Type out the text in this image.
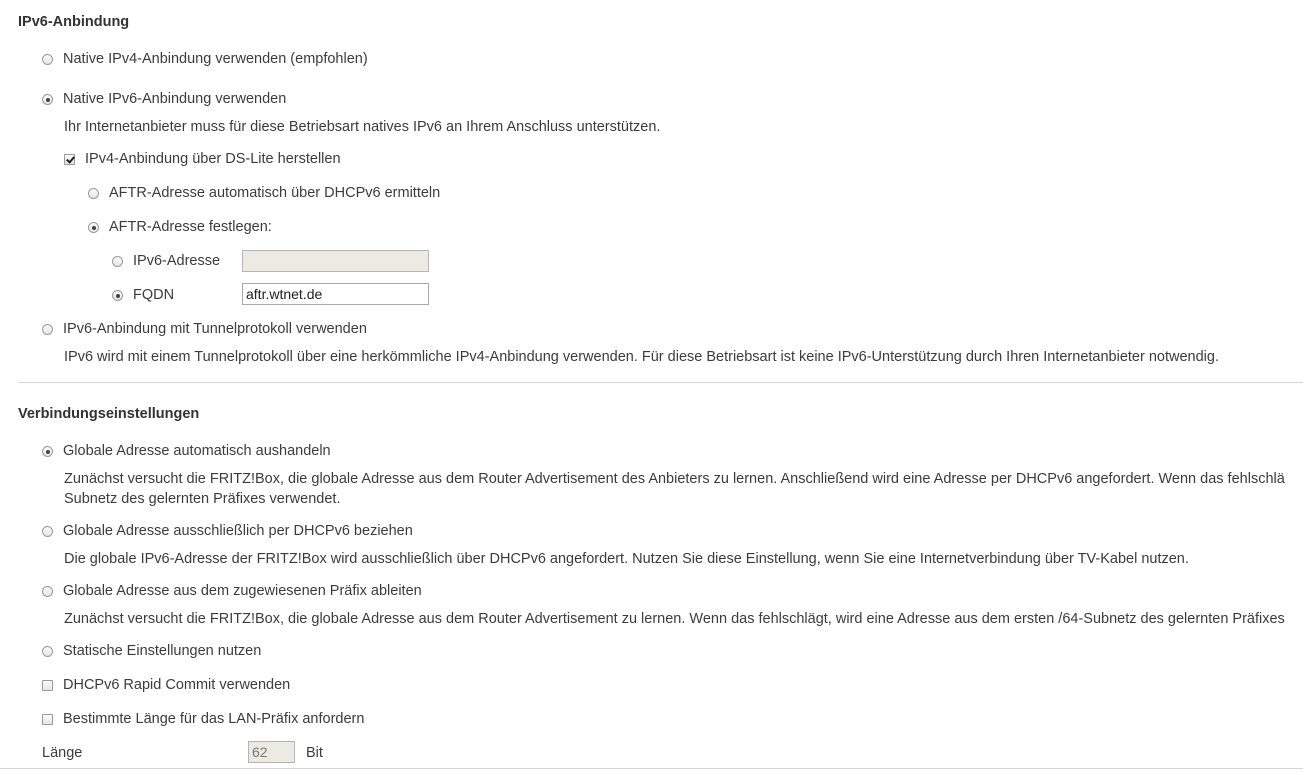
IPv6-Anbindung
Native IPv4-Anbindung verwenden (empfohlen)
Native IPv6-Anbindung verwenden
Ihr Internetanbieter muss für diese Betriebsart natives IPv6 an Ihrem Anschluss unterstützen.
IPv4-Anbindung über DS-Lite herstellen
AFTR-Adresse automatisch über DHCPv6 ermitteln
AFTR-Adresse festlegen:
IPv6-Adresse
FQDN
aftr.wtnet.de
IPv6-Anbindung mit Tunnelprotokoll verwenden
IPv6 wird mit einem Tunnelprotokoll über eine herkömmliche IPv4-Anbindung verwenden. Für diese Betriebsart ist keine IPv6-Unterstützung durch Ihren Internetanbieter notwendig.
Verbindungseinstellungen
Globale Adresse automatisch aushandeln
Zunächst versucht die FRITZ!Box, die globale Adresse aus dem Router Advertisement des Anbieters zu lernen. Anschließend wird eine Adresse per DHCPv6 angefordert. Wenn das fehlschlä
Subnetz des gelernten Präfixes verwendet.
Globale Adresse ausschließlich per DHCPv6 beziehen
Die globale IPv6-Adresse der FRITZ!Box wird ausschließlich über DHCPv6 angefordert. Nutzen Sie diese Einstellung, wenn Sie eine Internetverbindung über TV-Kabel nutzen.
Globale Adresse aus dem zugewiesenen Präfix ableiten
Zunächst versucht die FRITZ!Box, die globale Adresse aus dem Router Advertisement zu lernen. Wenn das fehlschlägt, wird eine Adresse aus dem ersten /64-Subnetz des gelernten Präfixes
Statische Einstellungen nutzen
DHCPv6 Rapid Commit verwenden
Bestimmte Länge für das LAN-Präfix anfordern
Länge
62	Bit
